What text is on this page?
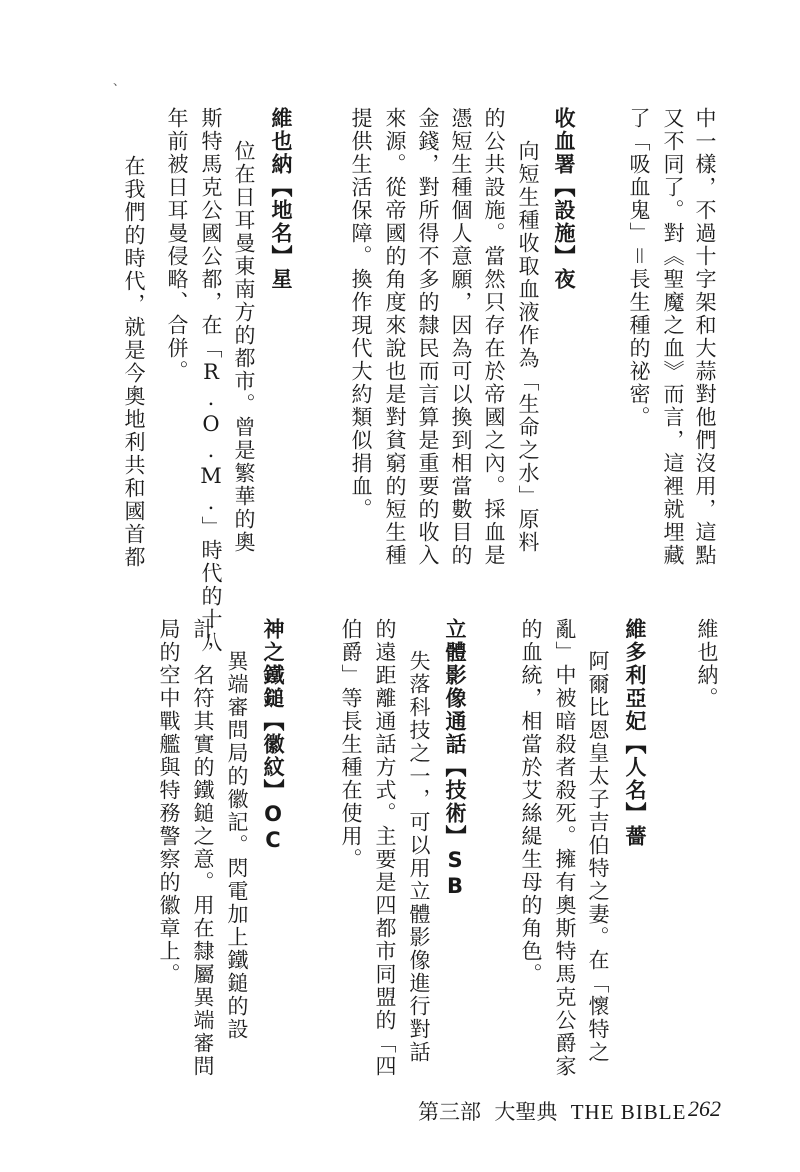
、
中一樣，不過十字架和大蒜對他們沒用，這點
又不同了。對《聖魔之血》而言，這裡就埋藏
了「吸血鬼」＝長生種的祕密。
收血署【設施】夜
向短生種收取血液作為「生命之水」原料
的公共設施。當然只存在於帝國之內。採血是
憑短生種個人意願，因為可以換到相當數目的
金錢，對所得不多的隸民而言算是重要的收入
來源。從帝國的角度來說也是對貧窮的短生種
提供生活保障。換作現代大約類似捐血。
維也納【地名】星
位在日耳曼東南方的都市。曾是繁華的奧
斯特馬克公國公都，在「R.O.M.」時代的十八
年前被日耳曼侵略、合併。
在我們的時代，就是今奧地利共和國首都
維也納。
維多利亞妃【人名】薔
阿爾比恩皇太子吉伯特之妻。在「懷特之
亂」中被暗殺者殺死。擁有奧斯特馬克公爵家
的血統，相當於艾絲緹生母的角色。
立體影像通話【技術】SB
失落科技之一，可以用立體影像進行對話
的遠距離通話方式。主要是四都市同盟的「四
伯爵」等長生種在使用。
神之鐵鎚【徽紋】OC
異端審問局的徽記。閃電加上鐵鎚的設
計，名符其實的鐵鎚之意。用在隸屬異端審問
局的空中戰艦與特務警察的徽章上。
第三部 大聖典 THE BIBLE 262
